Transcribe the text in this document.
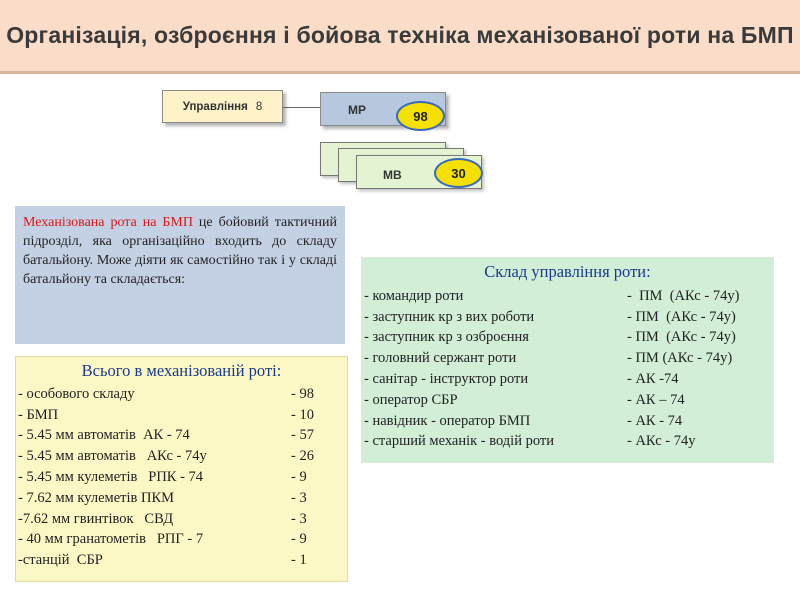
Організація, озброєння і бойова техніка механізованої роти на БМП
Управління 8	МР	98
МВ	30
Механізована рота на БМП це бойовий тактичний підрозділ, яка організаційно входить до складу батальйону. Може діяти як самостійно так і у складі батальйону та складається:
Всього в механізованій роті:
- особового складу	- 98
- БМП	- 10
- 5.45 мм автоматів  АК - 74	- 57
- 5.45 мм автоматів   АКс - 74у	- 26
- 5.45 мм кулеметів   РПК - 74	- 9
- 7.62 мм кулеметів ПКМ	- 3
-7.62 мм гвинтівок   СВД	- 3
- 40 мм гранатометів   РПГ - 7	- 9
-станцій  СБР	- 1
Склад управління роти:
- командир роти	-  ПМ  (АКс - 74у)
- заступник кр з вих роботи	- ПМ  (АКс - 74у)
- заступник кр з озброєння	- ПМ  (АКс - 74у)
- головний сержант роти	- ПМ (АКс - 74у)
- санітар - інструктор роти	- АК -74
- оператор СБР	- АК – 74
- навідник - оператор БМП	- АК - 74
- старший механік - водій роти	- АКс - 74у
